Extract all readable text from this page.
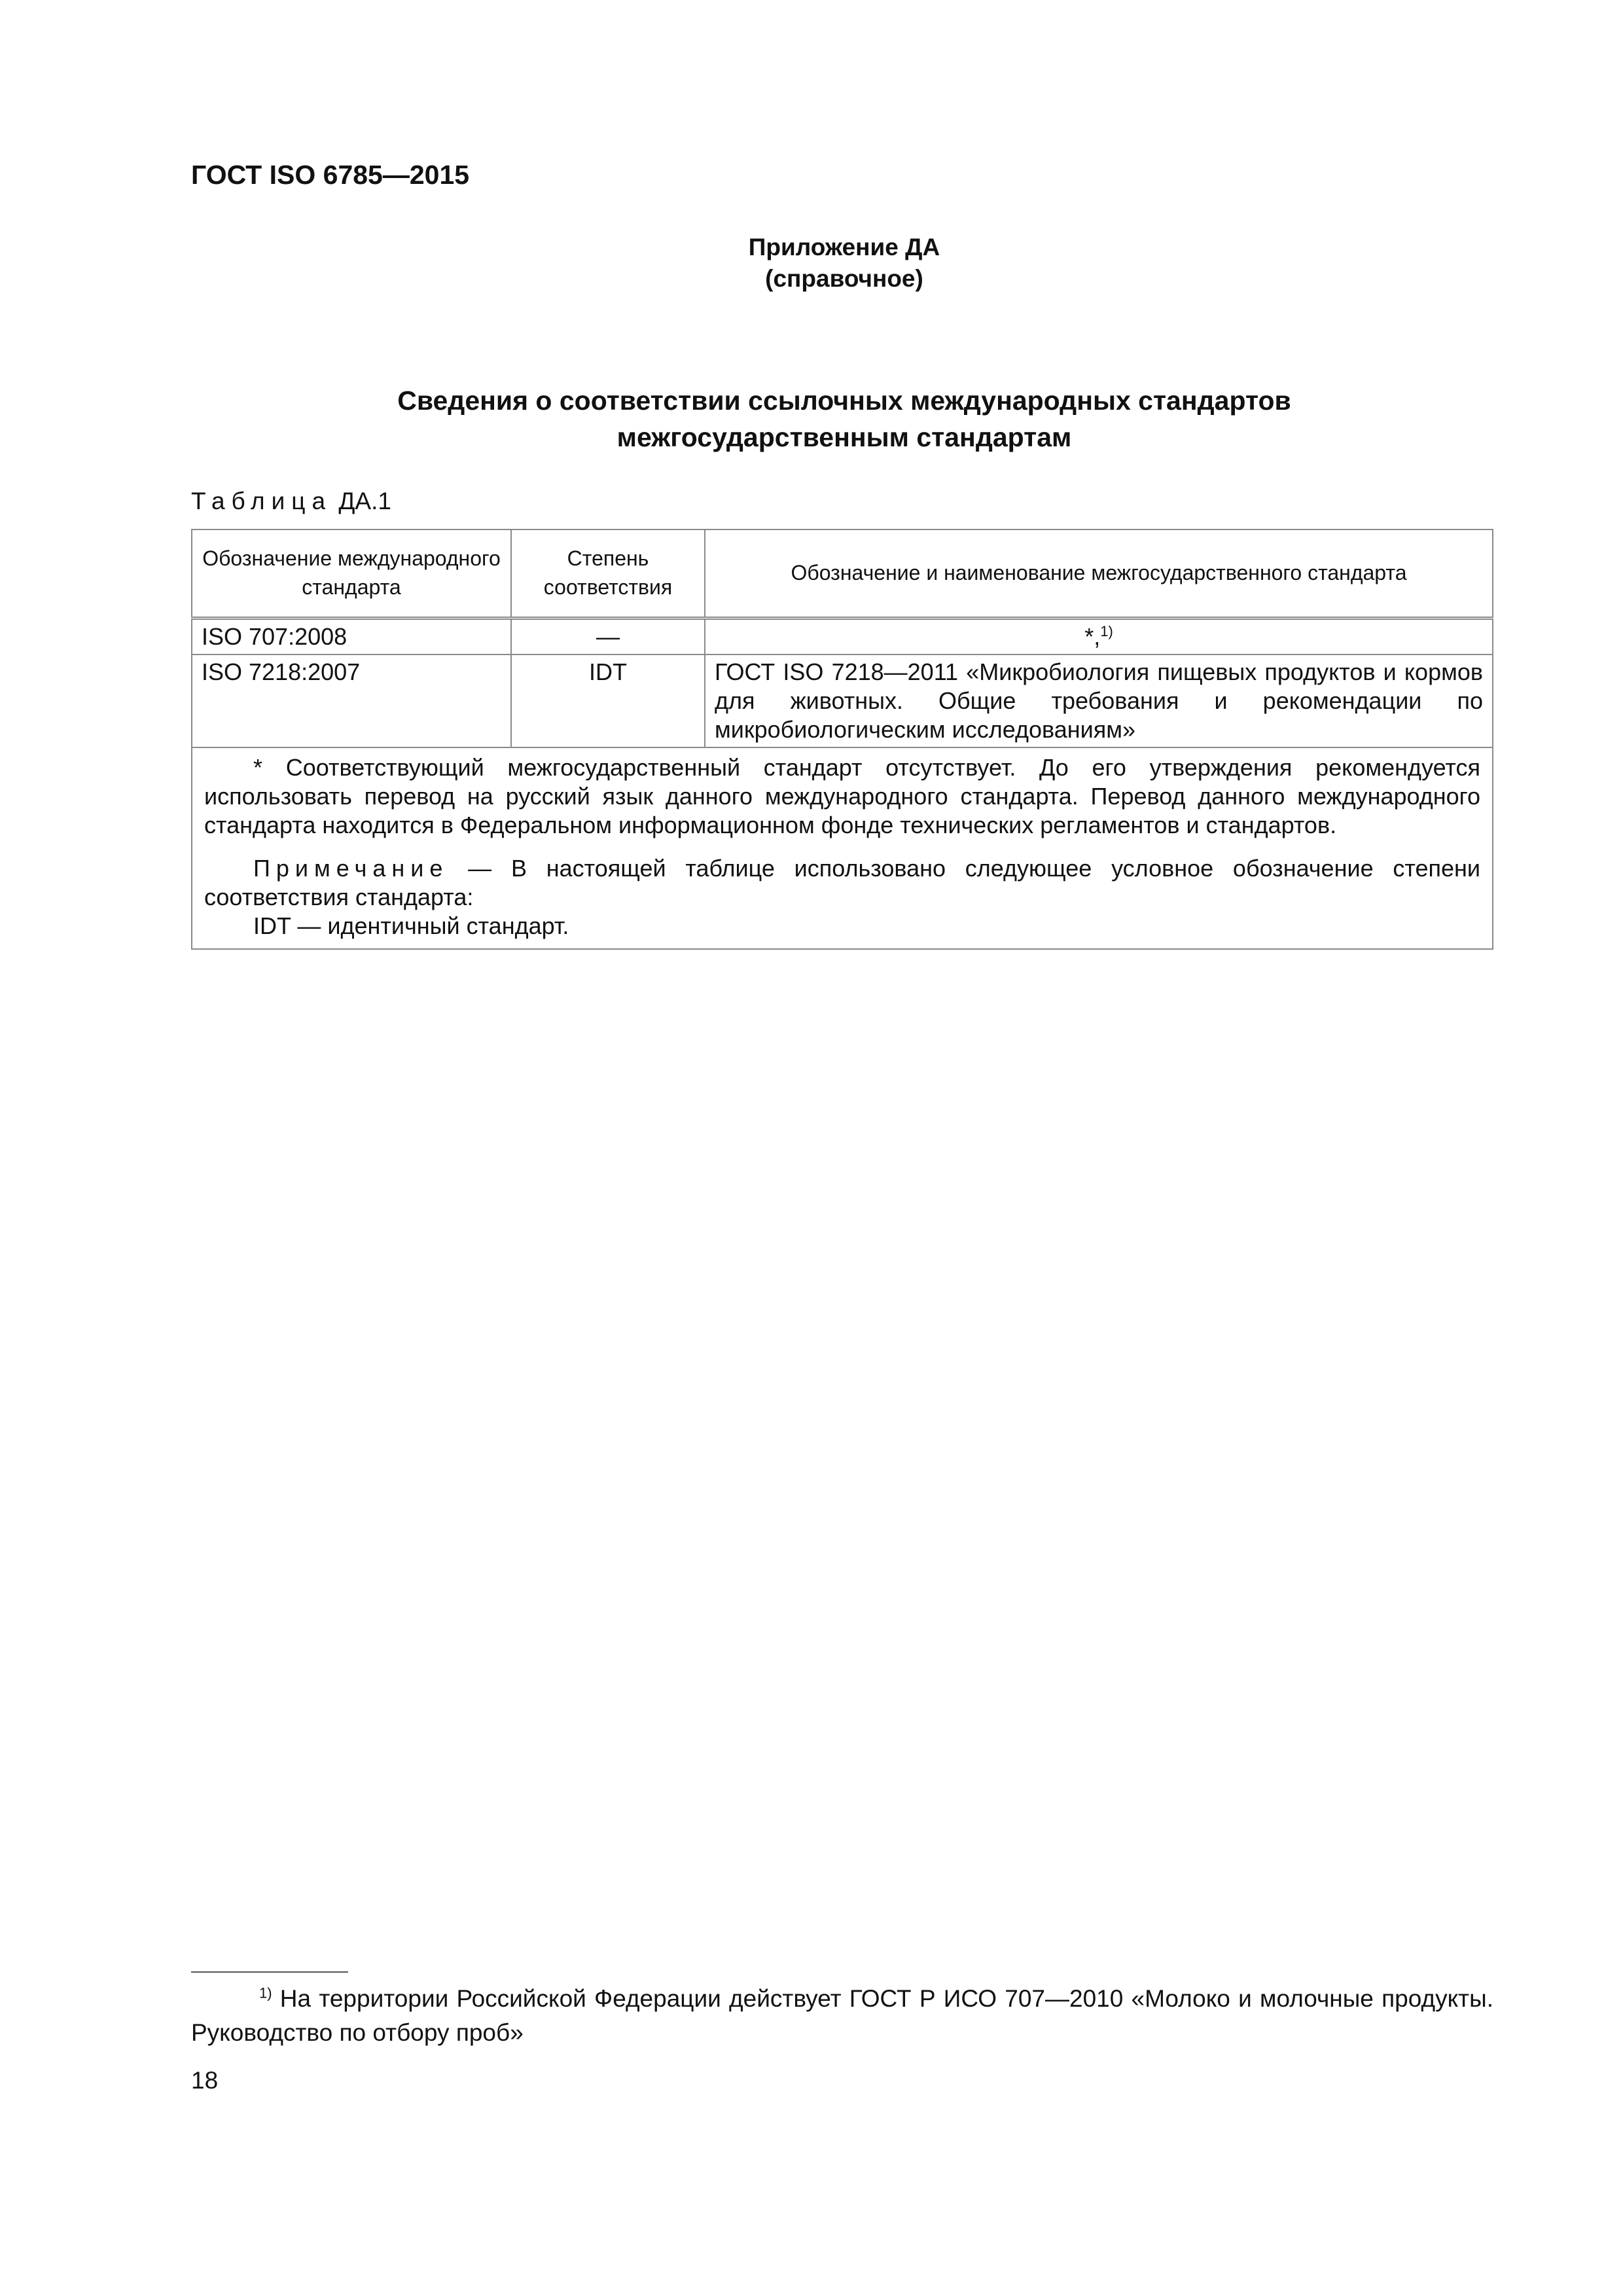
ГОСТ ISO 6785—2015
Приложение ДА
(справочное)
Сведения о соответствии ссылочных международных стандартов
межгосударственным стандартам
Таблица ДА.1
Обозначение международного стандарта	Степень соответствия	Обозначение и наименование межгосударственного стандарта
ISO 707:2008	—	*,$^{1)}$
ISO 7218:2007	IDT	ГОСТ ISO 7218—2011 «Микробиология пищевых продуктов и кормов для животных. Общие требования и рекомендации по микробиологическим исследованиям»

* Соответствующий межгосударственный стандарт отсутствует. До его утверждения рекомендуется использовать перевод на русский язык данного международного стандарта. Перевод данного международного стандарта находится в Федеральном информационном фонде технических регламентов и стандартов.

Примечание — В настоящей таблице использовано следующее условное обозначение степени соответствия стандарта:

IDT — идентичный стандарт.		

$^{1)}$ На территории Российской Федерации действует ГОСТ Р ИСО 707—2010 «Молоко и молочные продукты. Руководство по отбору проб»
18
